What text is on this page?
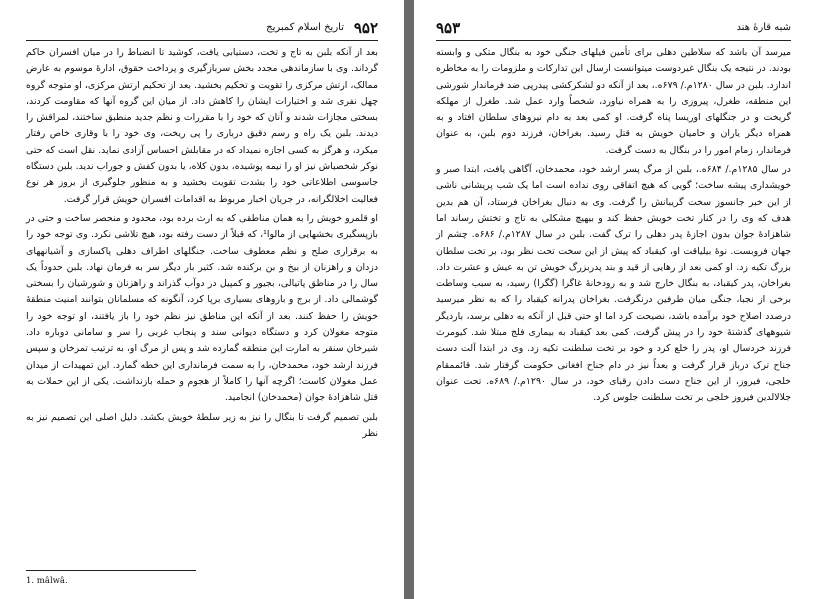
۹۵۲
تاریخ اسلام کمبریج

بعد از آنکه بلبن به تاج و تخت، دستیابی یافت، کوشید تا انضباط را در میان افسران حاکم گرداند. وی با سازماندهی مجدد بخش سربازگیری و پرداخت حقوق، ادارهٔ موسوم به عارض ممالک، ارتش مرکزی را تقویت و تحکیم بخشید. بعد از تحکیم ارتش مرکزی، او متوجه گروه چهل نفری شد و اختیارات ایشان را کاهش داد. از میان این گروه آنها که مقاومت کردند، بسختی مجازات شدند و آنان که خود را با مقررات و نظم جدید منطبق ساختند، لمراقش را دیدند. بلبن یک راه و رسم دقیق درباری را پی ریخت، وی خود را با وقاری خاص رفتار میکرد، و هرگز به کسی اجازه نمیداد که در مقابلش احساس آزادی نماید. نقل است که حتی نوکر شخصیاش نیز او را نیمه پوشیده، بدون کلاه، یا بدون کفش و جوراب ندید. بلبن دستگاه جاسوسی اطلاعاتی خود را بشدت تقویت بخشید و به منظور جلوگیری از بروز هر نوع فعالیت اخلالگرانه، در جریان اخبار مربوط به اقدامات افسران خویش قرار گرفت.

او قلمرو خویش را به همان مناطقی که به ارث برده بود، محدود و منحصر ساخت و حتی در بازپسگیری بخشهایی از مالوا¹، که قبلاً از دست رفته بود، هیچ تلاشی نکرد. وی توجه خود را به برقراری صلح و نظم معطوف ساخت. جنگلهای اطراف دهلی پاکسازی و آشیانههای دزدان و راهزنان از بیخ و بن برکنده شد. کثیر بار دیگر سر به فرمان نهاد. بلبن حدوداً یک سال را در مناطق پاتیالی، بجیور و کمپیل در دوآب گذراند و راهزنان و شورشیان را بسختی گوشمالی داد. از برج و باروهای بسیاری برپا کرد، آنگونه که مسلمانان بتوانند امنیت منطقهٔ خویش را حفظ کنند. بعد از آنکه این مناطق نیز نظم خود را باز یافتند، او توجه خود را متوجه مغولان کرد و دستگاه دیوانی سند و پنجاب غربی را سر و سامانی دوباره داد. شیرخان سنقر به امارت این منطقه گمارده شد و پس از مرگ او، به ترتیب تمرخان و سپس فرزند ارشد خود، محمدخان، را به سمت فرمانداری این خطه گمارد. این تمهیدات از میدان عمل مغولان کاست؛ اگرچه آنها را کاملاً از هجوم و حمله بازنداشت. یکی از این حملات به قتل شاهزادهٔ جوان (محمدخان) انجامید.

بلبن تصمیم گرفت تا بنگال را نیز به زیر سلطهٔ خویش بکشد. دلیل اصلی این تصمیم نیز به نظر

1. mâlwâ.
۹۵۳	شبه قارهٔ هند

میرسد آن باشد که سلاطین دهلی برای تأمین فیلهای جنگی خود به بنگال متکی و وابسته بودند. در نتیجه یک بنگال غیردوست میتوانست ارسال این تدارکات و ملزومات را به مخاطره اندازد. بلبن در سال ۱۲۸۰م./ ۶۷۹ه.، بعد از آنکه دو لشکرکشی پیدرپی ضد فرماندار شورشی این منطقه، طغرل، پیروزی را به همراه نیاورد، شخصاً وارد عمل شد. طغرل از مهلکه گریخت و در جنگلهای اوریسا پناه گرفت. او کمی بعد به دام نیروهای سلطان افتاد و به همراه دیگر یاران و حامیان خویش به قتل رسید. بغراخان، فرزند دوم بلبن، به عنوان فرماندار، زمام امور را در بنگال به دست گرفت.

در سال ۱۲۸۵م./ ۶۸۴ه.، بلبن از مرگ پسر ارشد خود، محمدخان، آگاهی یافت، ابتدا صبر و خویشداری پیشه ساخت؛ گویی که هیچ اتفاقی روی نداده است اما یک شب پریشانی ناشی از این خبر جانسوز سخت گریبانش را گرفت. وی به دنبال بغراخان فرستاد، آن هم بدین هدف که وی را در کنار تخت خویش حفظ کند و بیهیچ مشکلی به تاج و تختش رساند اما شاهزادهٔ جوان بدون اجازهٔ پدر دهلی را ترک گفت. بلبن در سال ۱۲۸۷م./ ۶۸۶ه. چشم از جهان فروبست. نوهٔ بیلیاقت او، کیقباد که پیش از این سخت تحت نظر بود، بر تخت سلطان بزرگ تکیه زد. او کمی بعد از رهایی از قید و بند پدربزرگ خویش تن به عیش و عشرت داد. بغراخان، پدر کیقباد، به بنگال خارج شد و به رودخانهٔ غاگرا (گگرا) رسید، به سبب وساطت برخی از نجبا، جنگی میان طرفین درنگرفت. بغراخان پدرانه کیقباد را که به نظر میرسید درصدد اصلاح خود برآمده باشد، نصیحت کرد اما او حتی قبل از آنکه به دهلی برسد، باردیگر شیوههای گذشتهٔ خود را در پیش گرفت. کمی بعد کیقباد به بیماری فلج مبتلا شد. کیومرث فرزند خردسال او، پدر را خلع کرد و خود بر تخت سلطنت تکیه زد. وی در ابتدا آلت دست جناح ترک درباز قرار گرفت و بعداً نیز در دام جناح افغانی حکومت گرفتار شد. قائممقام خلجی، فیروز، از این جناح دست دادن رقبای خود، در سال ۱۲۹۰م./ ۶۸۹ه. تحت عنوان جلالالدین فیروز خلجی بر تخت سلطنت جلوس کرد.
